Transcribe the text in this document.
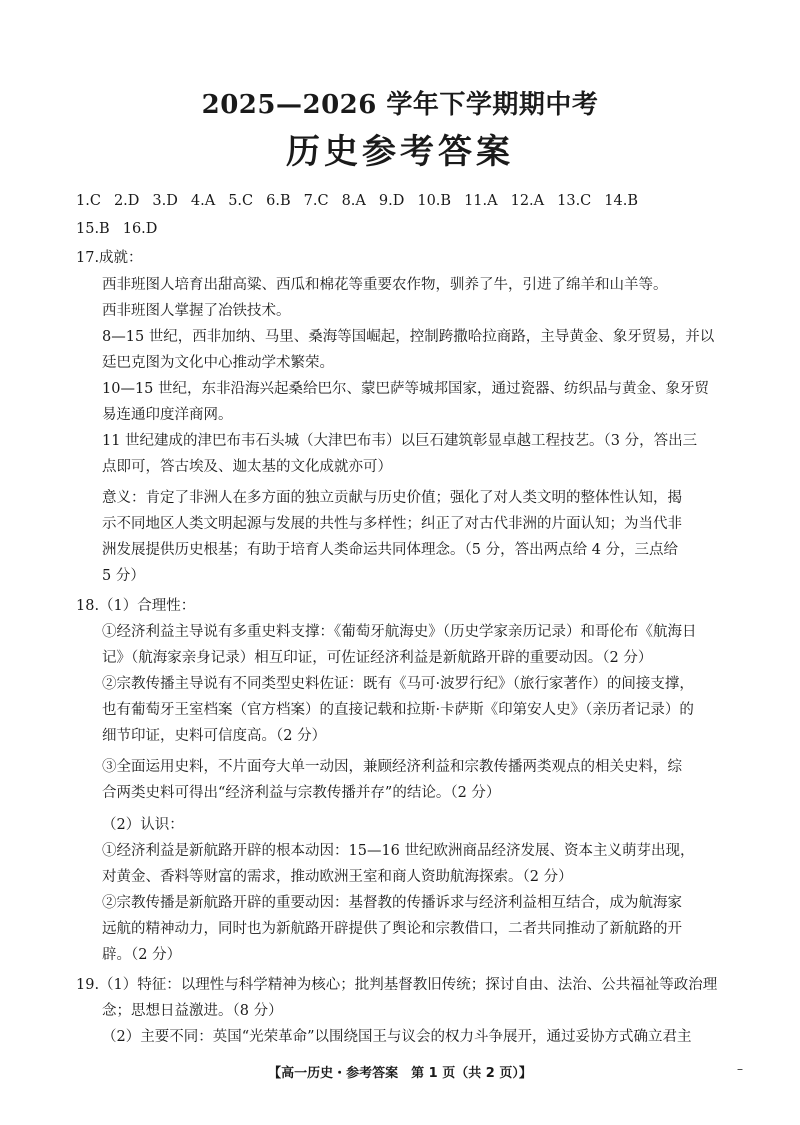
2025—2026 学年下学期期中考
历史参考答案
1.C 2.D 3.D 4.A 5.C 6.B 7.C 8.A 9.D 10.B 11.A 12.A 13.C 14.B
15.B 16.D
17.成就：
西非班图人培育出甜高粱、西瓜和棉花等重要农作物，驯养了牛，引进了绵羊和山羊等。
西非班图人掌握了冶铁技术。
8—15 世纪，西非加纳、马里、桑海等国崛起，控制跨撒哈拉商路，主导黄金、象牙贸易，并以
廷巴克图为文化中心推动学术繁荣。
10—15 世纪，东非沿海兴起桑给巴尔、蒙巴萨等城邦国家，通过瓷器、纺织品与黄金、象牙贸
易连通印度洋商网。
11 世纪建成的津巴布韦石头城（大津巴布韦）以巨石建筑彰显卓越工程技艺。（3 分，答出三
点即可，答古埃及、迦太基的文化成就亦可）
意义：肯定了非洲人在多方面的独立贡献与历史价值；强化了对人类文明的整体性认知，揭
示不同地区人类文明起源与发展的共性与多样性；纠正了对古代非洲的片面认知；为当代非
洲发展提供历史根基；有助于培育人类命运共同体理念。（5 分，答出两点给 4 分，三点给
5 分）
18.（1）合理性：
①经济利益主导说有多重史料支撑：《葡萄牙航海史》（历史学家亲历记录）和哥伦布《航海日
记》（航海家亲身记录）相互印证，可佐证经济利益是新航路开辟的重要动因。（2 分）
②宗教传播主导说有不同类型史料佐证：既有《马可·波罗行纪》（旅行家著作）的间接支撑，
也有葡萄牙王室档案（官方档案）的直接记载和拉斯·卡萨斯《印第安人史》（亲历者记录）的
细节印证，史料可信度高。（2 分）
③全面运用史料，不片面夸大单一动因，兼顾经济利益和宗教传播两类观点的相关史料，综
合两类史料可得出“经济利益与宗教传播并存”的结论。（2 分）
（2）认识：
①经济利益是新航路开辟的根本动因：15—16 世纪欧洲商品经济发展、资本主义萌芽出现，
对黄金、香料等财富的需求，推动欧洲王室和商人资助航海探索。（2 分）
②宗教传播是新航路开辟的重要动因：基督教的传播诉求与经济利益相互结合，成为航海家
远航的精神动力，同时也为新航路开辟提供了舆论和宗教借口，二者共同推动了新航路的开
辟。（2 分）
19.（1）特征：以理性与科学精神为核心；批判基督教旧传统；探讨自由、法治、公共福祉等政治理
念；思想日益激进。（8 分）
（2）主要不同：英国“光荣革命”以围绕国王与议会的权力斗争展开，通过妥协方式确立君主
【高一历史・参考答案　第 1 页（共 2 页）】	–
